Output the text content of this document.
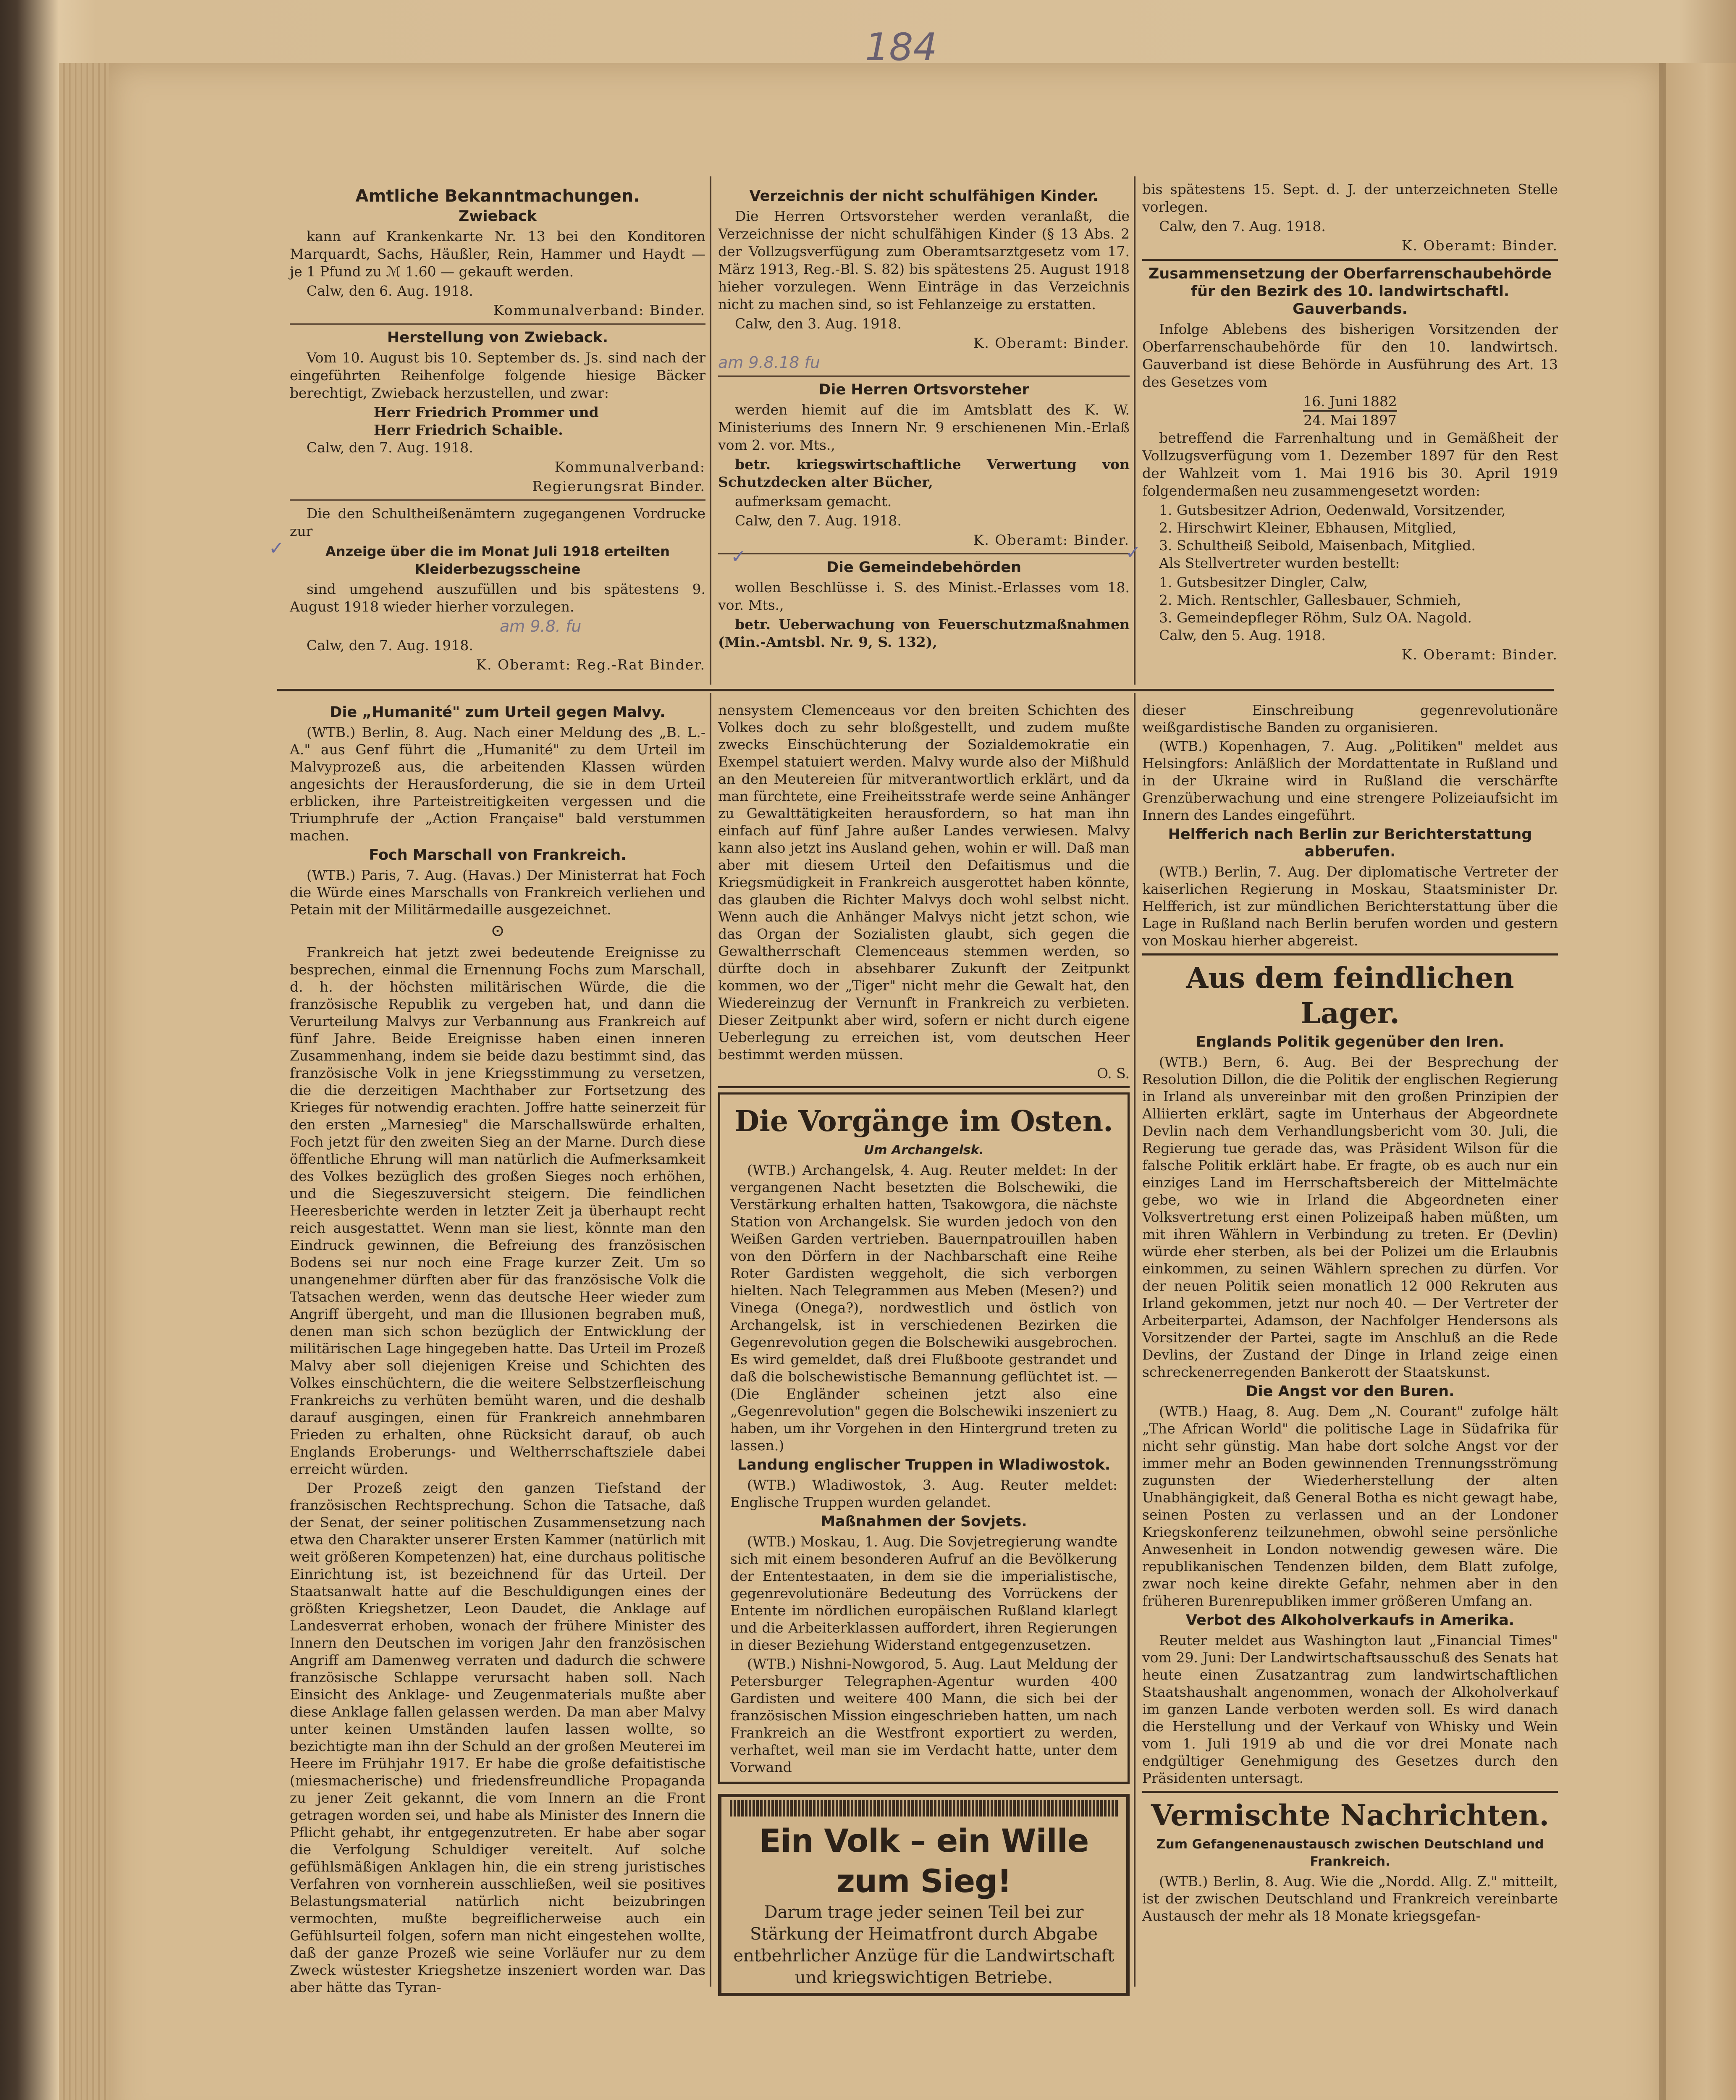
184
Amtliche Bekanntmachungen.
Zwieback

kann auf Krankenkarte Nr. 13 bei den Konditoren Marquardt, Sachs, Häußler, Rein, Hammer und Haydt — je 1 Pfund zu ℳ 1.60 — gekauft werden.

Calw, den 6. Aug. 1918.

Kommunalverband: Binder.
Herstellung von Zwieback.

Vom 10. August bis 10. September ds. Js. sind nach der eingeführten Reihenfolge folgende hiesige Bäcker berechtigt, Zwieback herzustellen, und zwar:

Herr Friedrich Prommer und
Herr Friedrich Schaible.

Calw, den 7. Aug. 1918.

Kommunalverband:
Regierungsrat Binder.

Die den Schultheißenämtern zugegangenen Vordrucke zur

Anzeige über die im Monat Juli 1918 erteilten Kleiderbezugsscheine

sind umgehend auszufüllen und bis spätestens 9. August 1918 wieder hierher vorzulegen.

am 9.8. fu

Calw, den 7. Aug. 1918.

K. Oberamt: Reg.-Rat Binder.
Verzeichnis der nicht schulfähigen Kinder.

Die Herren Ortsvorsteher werden veranlaßt, die Verzeichnisse der nicht schulfähigen Kinder (§ 13 Abs. 2 der Vollzugsverfügung zum Oberamtsarztgesetz vom 17. März 1913, Reg.-Bl. S. 82) bis spätestens 25. August 1918 hieher vorzulegen. Wenn Einträge in das Verzeichnis nicht zu machen sind, so ist Fehlanzeige zu erstatten.

Calw, den 3. Aug. 1918.

K. Oberamt: Binder.
am 9.8.18 fu
Die Herren Ortsvorsteher

werden hiemit auf die im Amtsblatt des K. W. Ministeriums des Innern Nr. 9 erschienenen Min.-Erlaß vom 2. vor. Mts.,

betr. kriegswirtschaftliche Verwertung von Schutzdecken alter Bücher,

aufmerksam gemacht.

Calw, den 7. Aug. 1918.

K. Oberamt: Binder.
Die Gemeindebehörden

wollen Beschlüsse i. S. des Minist.-Erlasses vom 18. vor. Mts.,

betr. Ueberwachung von Feuerschutzmaßnahmen (Min.-Amtsbl. Nr. 9, S. 132),

bis spätestens 15. Sept. d. J. der unterzeichneten Stelle vorlegen.

Calw, den 7. Aug. 1918.

K. Oberamt: Binder.
Zusammensetzung der Oberfarrenschaubehörde für den Bezirk des 10. landwirtschaftl. Gauverbands.

Infolge Ablebens des bisherigen Vorsitzenden der Oberfarrenschaubehörde für den 10. landwirtsch. Gauverband ist diese Behörde in Ausführung des Art. 13 des Gesetzes vom

16. Juni 1882
24. Mai 1897

betreffend die Farrenhaltung und in Gemäßheit der Vollzugsverfügung vom 1. Dezember 1897 für den Rest der Wahlzeit vom 1. Mai 1916 bis 30. April 1919 folgendermaßen neu zusammengesetzt worden:

1. Gutsbesitzer Adrion, Oedenwald, Vorsitzender,
2. Hirschwirt Kleiner, Ebhausen, Mitglied,
3. Schultheiß Seibold, Maisenbach, Mitglied.

Als Stellvertreter wurden bestellt:

1. Gutsbesitzer Dingler, Calw,
2. Mich. Rentschler, Gallesbauer, Schmieh,
3. Gemeindepfleger Röhm, Sulz OA. Nagold.

Calw, den 5. Aug. 1918.

K. Oberamt: Binder.
Die „Humanité" zum Urteil gegen Malvy.

(WTB.) Berlin, 8. Aug. Nach einer Meldung des „B. L.-A." aus Genf führt die „Humanité" zu dem Urteil im Malvyprozeß aus, die arbeitenden Klassen würden angesichts der Herausforderung, die sie in dem Urteil erblicken, ihre Parteistreitigkeiten vergessen und die Triumphrufe der „Action Française" bald verstummen machen.

Foch Marschall von Frankreich.

(WTB.) Paris, 7. Aug. (Havas.) Der Ministerrat hat Foch die Würde eines Marschalls von Frankreich verliehen und Petain mit der Militärmedaille ausgezeichnet.

⊙

Frankreich hat jetzt zwei bedeutende Ereignisse zu besprechen, einmal die Ernennung Fochs zum Marschall, d. h. der höchsten militärischen Würde, die die französische Republik zu vergeben hat, und dann die Verurteilung Malvys zur Verbannung aus Frankreich auf fünf Jahre. Beide Ereignisse haben einen inneren Zusammenhang, indem sie beide dazu bestimmt sind, das französische Volk in jene Kriegsstimmung zu versetzen, die die derzeitigen Machthaber zur Fortsetzung des Krieges für notwendig erachten. Joffre hatte seinerzeit für den ersten „Marnesieg" die Marschallswürde erhalten, Foch jetzt für den zweiten Sieg an der Marne. Durch diese öffentliche Ehrung will man natürlich die Aufmerksamkeit des Volkes bezüglich des großen Sieges noch erhöhen, und die Siegeszuversicht steigern. Die feindlichen Heeresberichte werden in letzter Zeit ja überhaupt recht reich ausgestattet. Wenn man sie liest, könnte man den Eindruck gewinnen, die Befreiung des französischen Bodens sei nur noch eine Frage kurzer Zeit. Um so unangenehmer dürften aber für das französische Volk die Tatsachen werden, wenn das deutsche Heer wieder zum Angriff übergeht, und man die Illusionen begraben muß, denen man sich schon bezüglich der Entwicklung der militärischen Lage hingegeben hatte. Das Urteil im Prozeß Malvy aber soll diejenigen Kreise und Schichten des Volkes einschüchtern, die die weitere Selbstzerfleischung Frankreichs zu verhüten bemüht waren, und die deshalb darauf ausgingen, einen für Frankreich annehmbaren Frieden zu erhalten, ohne Rücksicht darauf, ob auch Englands Eroberungs- und Weltherrschaftsziele dabei erreicht würden.

Der Prozeß zeigt den ganzen Tiefstand der französischen Rechtsprechung. Schon die Tatsache, daß der Senat, der seiner politischen Zusammensetzung nach etwa den Charakter unserer Ersten Kammer (natürlich mit weit größeren Kompetenzen) hat, eine durchaus politische Einrichtung ist, ist bezeichnend für das Urteil. Der Staatsanwalt hatte auf die Beschuldigungen eines der größten Kriegshetzer, Leon Daudet, die Anklage auf Landesverrat erhoben, wonach der frühere Minister des Innern den Deutschen im vorigen Jahr den französischen Angriff am Damenweg verraten und dadurch die schwere französische Schlappe verursacht haben soll. Nach Einsicht des Anklage- und Zeugenmaterials mußte aber diese Anklage fallen gelassen werden. Da man aber Malvy unter keinen Umständen laufen lassen wollte, so bezichtigte man ihn der Schuld an der großen Meuterei im Heere im Frühjahr 1917. Er habe die große defaitistische (miesmacherische) und friedensfreundliche Propaganda zu jener Zeit gekannt, die vom Innern an die Front getragen worden sei, und habe als Minister des Innern die Pflicht gehabt, ihr entgegenzutreten. Er habe aber sogar die Verfolgung Schuldiger vereitelt. Auf solche gefühlsmäßigen Anklagen hin, die ein streng juristisches Verfahren von vornherein ausschließen, weil sie positives Belastungsmaterial natürlich nicht beizubringen vermochten, mußte begreiflicherweise auch ein Gefühlsurteil folgen, sofern man nicht eingestehen wollte, daß der ganze Prozeß wie seine Vorläufer nur zu dem Zweck wüstester Kriegshetze inszeniert worden war. Das aber hätte das Tyran-

nensystem Clemenceaus vor den breiten Schichten des Volkes doch zu sehr bloßgestellt, und zudem mußte zwecks Einschüchterung der Sozialdemokratie ein Exempel statuiert werden. Malvy wurde also der Mißhuld an den Meutereien für mitverantwortlich erklärt, und da man fürchtete, eine Freiheitsstrafe werde seine Anhänger zu Gewalttätigkeiten herausfordern, so hat man ihn einfach auf fünf Jahre außer Landes verwiesen. Malvy kann also jetzt ins Ausland gehen, wohin er will. Daß man aber mit diesem Urteil den Defaitismus und die Kriegsmüdigkeit in Frankreich ausgerottet haben könnte, das glauben die Richter Malvys doch wohl selbst nicht. Wenn auch die Anhänger Malvys nicht jetzt schon, wie das Organ der Sozialisten glaubt, sich gegen die Gewaltherrschaft Clemenceaus stemmen werden, so dürfte doch in absehbarer Zukunft der Zeitpunkt kommen, wo der „Tiger" nicht mehr die Gewalt hat, den Wiedereinzug der Vernunft in Frankreich zu verbieten. Dieser Zeitpunkt aber wird, sofern er nicht durch eigene Ueberlegung zu erreichen ist, vom deutschen Heer bestimmt werden müssen.

O. S.
Die Vorgänge im Osten.
Um Archangelsk.

(WTB.) Archangelsk, 4. Aug. Reuter meldet: In der vergangenen Nacht besetzten die Bolschewiki, die Verstärkung erhalten hatten, Tsakowgora, die nächste Station von Archangelsk. Sie wurden jedoch von den Weißen Garden vertrieben. Bauernpatrouillen haben von den Dörfern in der Nachbarschaft eine Reihe Roter Gardisten weggeholt, die sich verborgen hielten. Nach Telegrammen aus Meben (Mesen?) und Vinega (Onega?), nordwestlich und östlich von Archangelsk, ist in verschiedenen Bezirken die Gegenrevolution gegen die Bolschewiki ausgebrochen. Es wird gemeldet, daß drei Flußboote gestrandet und daß die bolschewistische Bemannung geflüchtet ist. — (Die Engländer scheinen jetzt also eine „Gegenrevolution" gegen die Bolschewiki inszeniert zu haben, um ihr Vorgehen in den Hintergrund treten zu lassen.)

Landung englischer Truppen in Wladiwostok.

(WTB.) Wladiwostok, 3. Aug. Reuter meldet: Englische Truppen wurden gelandet.

Maßnahmen der Sovjets.

(WTB.) Moskau, 1. Aug. Die Sovjetregierung wandte sich mit einem besonderen Aufruf an die Bevölkerung der Ententestaaten, in dem sie die imperialistische, gegenrevolutionäre Bedeutung des Vorrückens der Entente im nördlichen europäischen Rußland klarlegt und die Arbeiterklassen auffordert, ihren Regierungen in dieser Beziehung Widerstand entgegenzusetzen.

(WTB.) Nishni-Nowgorod, 5. Aug. Laut Meldung der Petersburger Telegraphen-Agentur wurden 400 Gardisten und weitere 400 Mann, die sich bei der französischen Mission eingeschrieben hatten, um nach Frankreich an die Westfront exportiert zu werden, verhaftet, weil man sie im Verdacht hatte, unter dem Vorwand

Ein Volk – ein Wille zum Sieg!
Darum trage jeder seinen Teil bei zur Stärkung der Heimatfront durch Abgabe entbehrlicher Anzüge für die Landwirtschaft und kriegswichtigen Betriebe.

dieser Einschreibung gegenrevolutionäre weißgardistische Banden zu organisieren.

(WTB.) Kopenhagen, 7. Aug. „Politiken" meldet aus Helsingfors: Anläßlich der Mordattentate in Rußland und in der Ukraine wird in Rußland die verschärfte Grenzüberwachung und eine strengere Polizeiaufsicht im Innern des Landes eingeführt.

Helfferich nach Berlin zur Berichterstattung abberufen.

(WTB.) Berlin, 7. Aug. Der diplomatische Vertreter der kaiserlichen Regierung in Moskau, Staatsminister Dr. Helfferich, ist zur mündlichen Berichterstattung über die Lage in Rußland nach Berlin berufen worden und gestern von Moskau hierher abgereist.

Aus dem feindlichen Lager.
Englands Politik gegenüber den Iren.

(WTB.) Bern, 6. Aug. Bei der Besprechung der Resolution Dillon, die die Politik der englischen Regierung in Irland als unvereinbar mit den großen Prinzipien der Alliierten erklärt, sagte im Unterhaus der Abgeordnete Devlin nach dem Verhandlungsbericht vom 30. Juli, die Regierung tue gerade das, was Präsident Wilson für die falsche Politik erklärt habe. Er fragte, ob es auch nur ein einziges Land im Herrschaftsbereich der Mittelmächte gebe, wo wie in Irland die Abgeordneten einer Volksvertretung erst einen Polizeipaß haben müßten, um mit ihren Wählern in Verbindung zu treten. Er (Devlin) würde eher sterben, als bei der Polizei um die Erlaubnis einkommen, zu seinen Wählern sprechen zu dürfen. Vor der neuen Politik seien monatlich 12 000 Rekruten aus Irland gekommen, jetzt nur noch 40. — Der Vertreter der Arbeiterpartei, Adamson, der Nachfolger Hendersons als Vorsitzender der Partei, sagte im Anschluß an die Rede Devlins, der Zustand der Dinge in Irland zeige einen schreckenerregenden Bankerott der Staatskunst.

Die Angst vor den Buren.

(WTB.) Haag, 8. Aug. Dem „N. Courant" zufolge hält „The African World" die politische Lage in Südafrika für nicht sehr günstig. Man habe dort solche Angst vor der immer mehr an Boden gewinnenden Trennungsströmung zugunsten der Wiederherstellung der alten Unabhängigkeit, daß General Botha es nicht gewagt habe, seinen Posten zu verlassen und an der Londoner Kriegskonferenz teilzunehmen, obwohl seine persönliche Anwesenheit in London notwendig gewesen wäre. Die republikanischen Tendenzen bilden, dem Blatt zufolge, zwar noch keine direkte Gefahr, nehmen aber in den früheren Burenrepubliken immer größeren Umfang an.

Verbot des Alkoholverkaufs in Amerika.

Reuter meldet aus Washington laut „Financial Times" vom 29. Juni: Der Landwirtschaftsausschuß des Senats hat heute einen Zusatzantrag zum landwirtschaftlichen Staatshaushalt angenommen, wonach der Alkoholverkauf im ganzen Lande verboten werden soll. Es wird danach die Herstellung und der Verkauf von Whisky und Wein vom 1. Juli 1919 ab und die vor drei Monate nach endgültiger Genehmigung des Gesetzes durch den Präsidenten untersagt.

Vermischte Nachrichten.
Zum Gefangenenaustausch zwischen Deutschland und Frankreich.

(WTB.) Berlin, 8. Aug. Wie die „Nordd. Allg. Z." mitteilt, ist der zwischen Deutschland und Frankreich vereinbarte Austausch der mehr als 18 Monate kriegsgefan-

✓	✓	✓
